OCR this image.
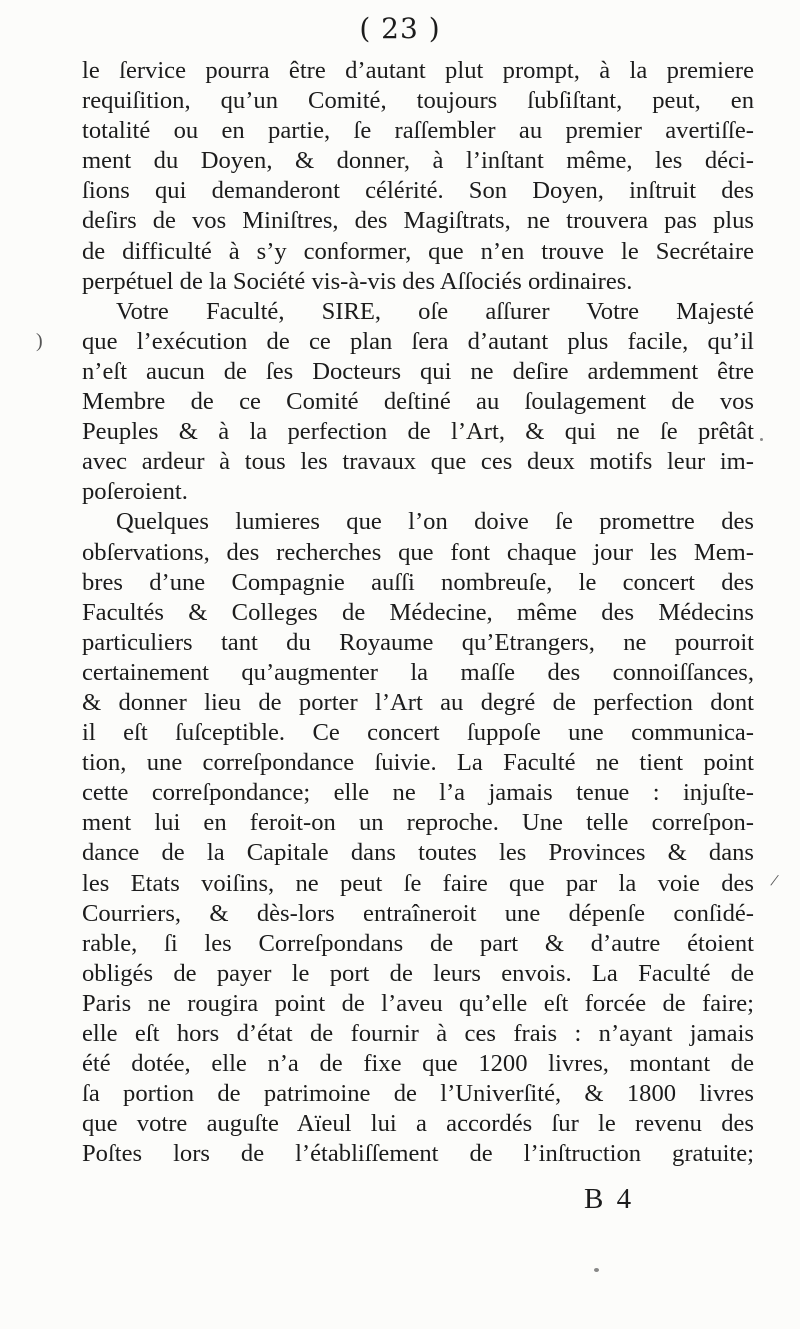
( 23 )
le ſervice pourra être d’autant plut prompt, à la premiere
requiſition, qu’un Comité, toujours ſubſiſtant, peut, en
totalité ou en partie, ſe raſſembler au premier avertiſſe-
ment du Doyen, & donner, à l’inſtant même, les déci-
ſions qui demanderont célérité. Son Doyen, inſtruit des
deſirs de vos Miniſtres, des Magiſtrats, ne trouvera pas plus
de difficulté à s’y conformer, que n’en trouve le Secrétaire
perpétuel de la Société vis-à-vis des Aſſociés ordinaires.
Votre Faculté, SIRE, oſe aſſurer Votre Majesté
que l’exécution de ce plan ſera d’autant plus facile, qu’il
n’eſt aucun de ſes Docteurs qui ne deſire ardemment être
Membre de ce Comité deſtiné au ſoulagement de vos
Peuples & à la perfection de l’Art, & qui ne ſe prêtât
avec ardeur à tous les travaux que ces deux motifs leur im-
poſeroient.
Quelques lumieres que l’on doive ſe promettre des
obſervations, des recherches que font chaque jour les Mem-
bres d’une Compagnie auſſi nombreuſe, le concert des
Facultés & Colleges de Médecine, même des Médecins
particuliers tant du Royaume qu’Etrangers, ne pourroit
certainement qu’augmenter la maſſe des connoiſſances,
& donner lieu de porter l’Art au degré de perfection dont
il eſt ſuſceptible. Ce concert ſuppoſe une communica-
tion, une correſpondance ſuivie. La Faculté ne tient point
cette correſpondance; elle ne l’a jamais tenue : injuſte-
ment lui en feroit-on un reproche. Une telle correſpon-
dance de la Capitale dans toutes les Provinces & dans
les Etats voiſins, ne peut ſe faire que par la voie des
Courriers, & dès-lors entraîneroit une dépenſe conſidé-
rable, ſi les Correſpondans de part & d’autre étoient
obligés de payer le port de leurs envois. La Faculté de
Paris ne rougira point de l’aveu qu’elle eſt forcée de faire;
elle eſt hors d’état de fournir à ces frais : n’ayant jamais
été dotée, elle n’a de fixe que 1200 livres, montant de
ſa portion de patrimoine de l’Univerſité, & 1800 livres
que votre auguſte Aïeul lui a accordés ſur le revenu des
Poſtes lors de l’établiſſement de l’inſtruction gratuite;
B 4
)
/
